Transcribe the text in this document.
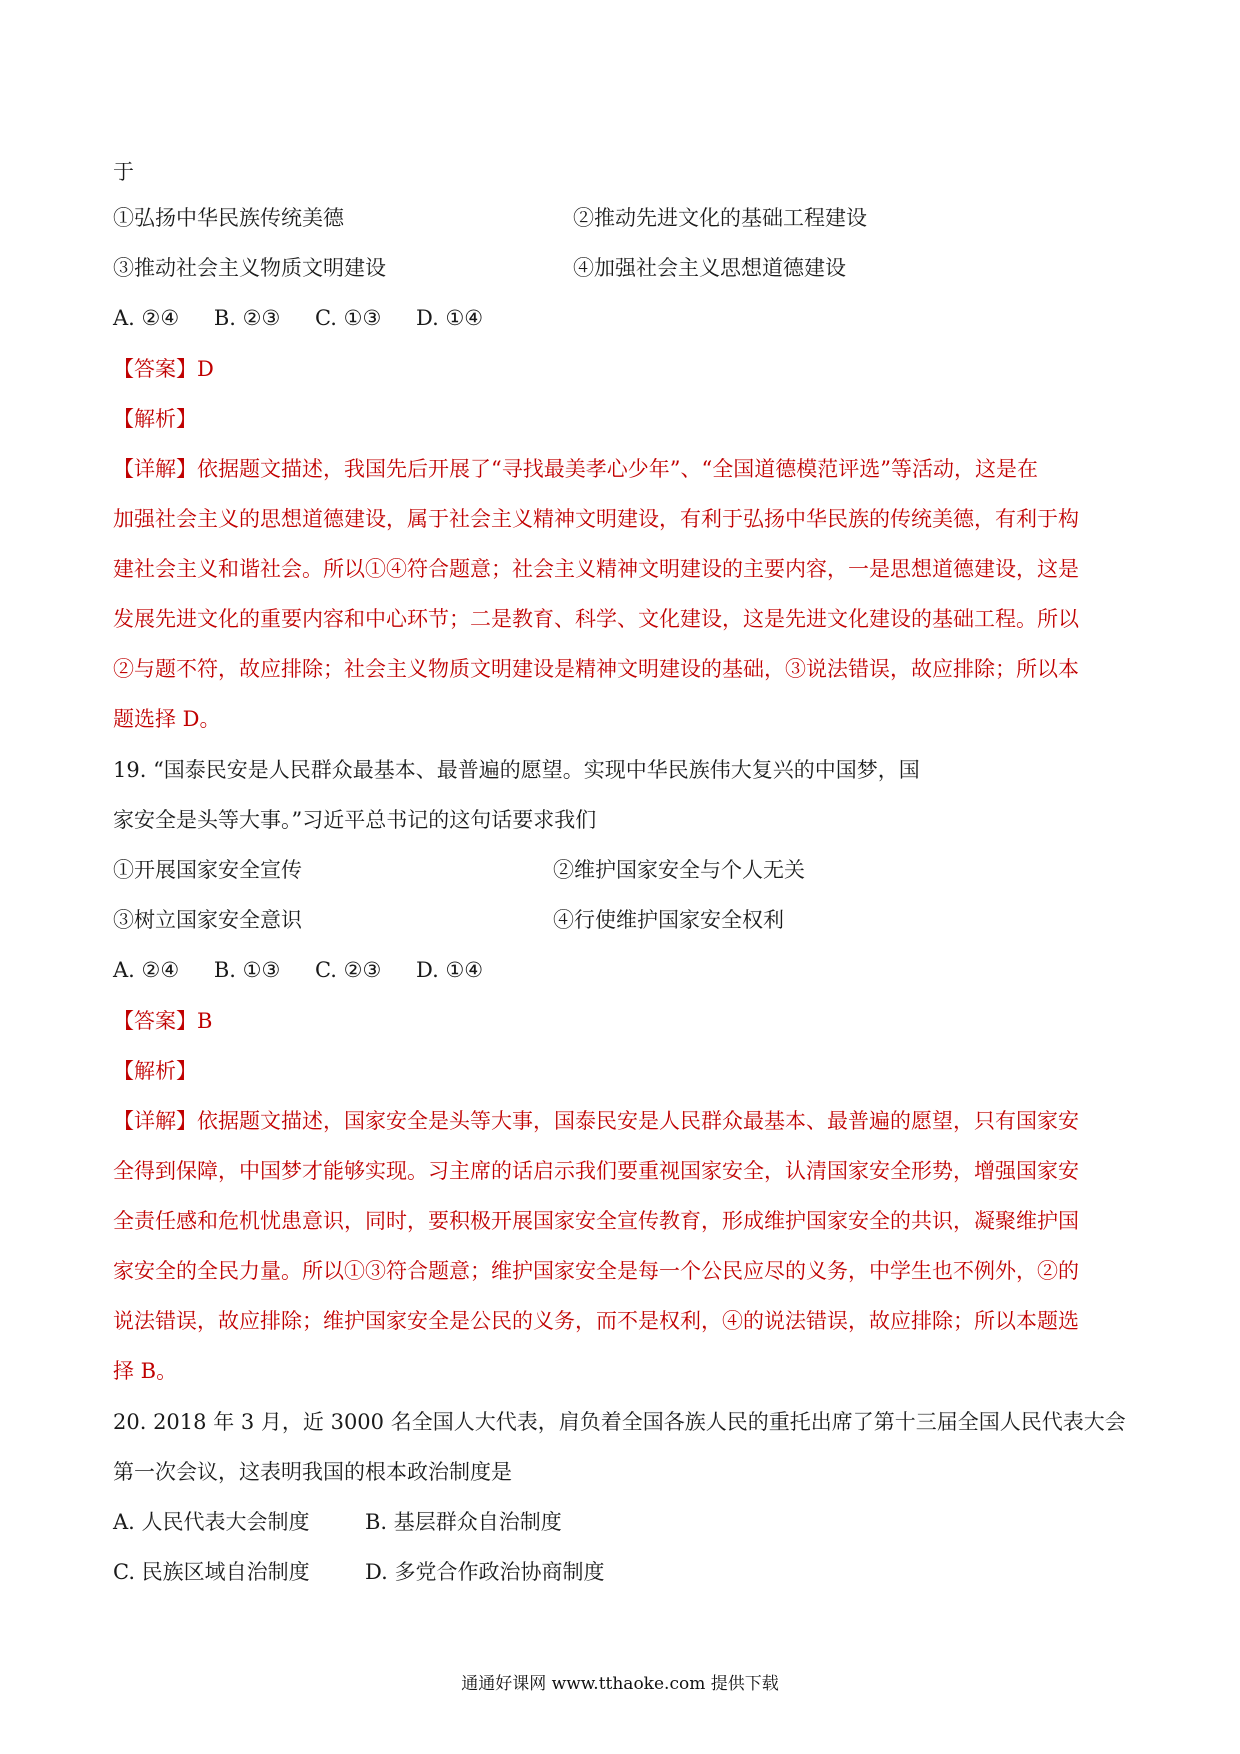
于
①弘扬中华民族传统美德	②推动先进文化的基础工程建设
③推动社会主义物质文明建设	④加强社会主义思想道德建设
A. ②④ B. ②③ C. ①③ D. ①④
【答案】D
【解析】
【详解】依据题文描述，我国先后开展了“寻找最美孝心少年”、“全国道德模范评选”等活动，这是在
加强社会主义的思想道德建设，属于社会主义精神文明建设，有利于弘扬中华民族的传统美德，有利于构
建社会主义和谐社会。所以①④符合题意；社会主义精神文明建设的主要内容，一是思想道德建设，这是
发展先进文化的重要内容和中心环节；二是教育、科学、文化建设，这是先进文化建设的基础工程。所以
②与题不符，故应排除；社会主义物质文明建设是精神文明建设的基础，③说法错误，故应排除；所以本
题选择 D。
19. “国泰民安是人民群众最基本、最普遍的愿望。实现中华民族伟大复兴的中国梦，国
家安全是头等大事。”习近平总书记的这句话要求我们
①开展国家安全宣传	②维护国家安全与个人无关
③树立国家安全意识	④行使维护国家安全权利
A. ②④ B. ①③ C. ②③ D. ①④
【答案】B
【解析】
【详解】依据题文描述，国家安全是头等大事，国泰民安是人民群众最基本、最普遍的愿望，只有国家安
全得到保障，中国梦才能够实现。习主席的话启示我们要重视国家安全，认清国家安全形势，增强国家安
全责任感和危机忧患意识，同时，要积极开展国家安全宣传教育，形成维护国家安全的共识，凝聚维护国
家安全的全民力量。所以①③符合题意；维护国家安全是每一个公民应尽的义务，中学生也不例外，②的
说法错误，故应排除；维护国家安全是公民的义务，而不是权利，④的说法错误，故应排除；所以本题选
择 B。
20. 2018 年 3 月，近 3000 名全国人大代表，肩负着全国各族人民的重托出席了第十三届全国人民代表大会
第一次会议，这表明我国的根本政治制度是
A. 人民代表大会制度	B. 基层群众自治制度
C. 民族区域自治制度	D. 多党合作政治协商制度
通通好课网 www.tthaoke.com 提供下载
